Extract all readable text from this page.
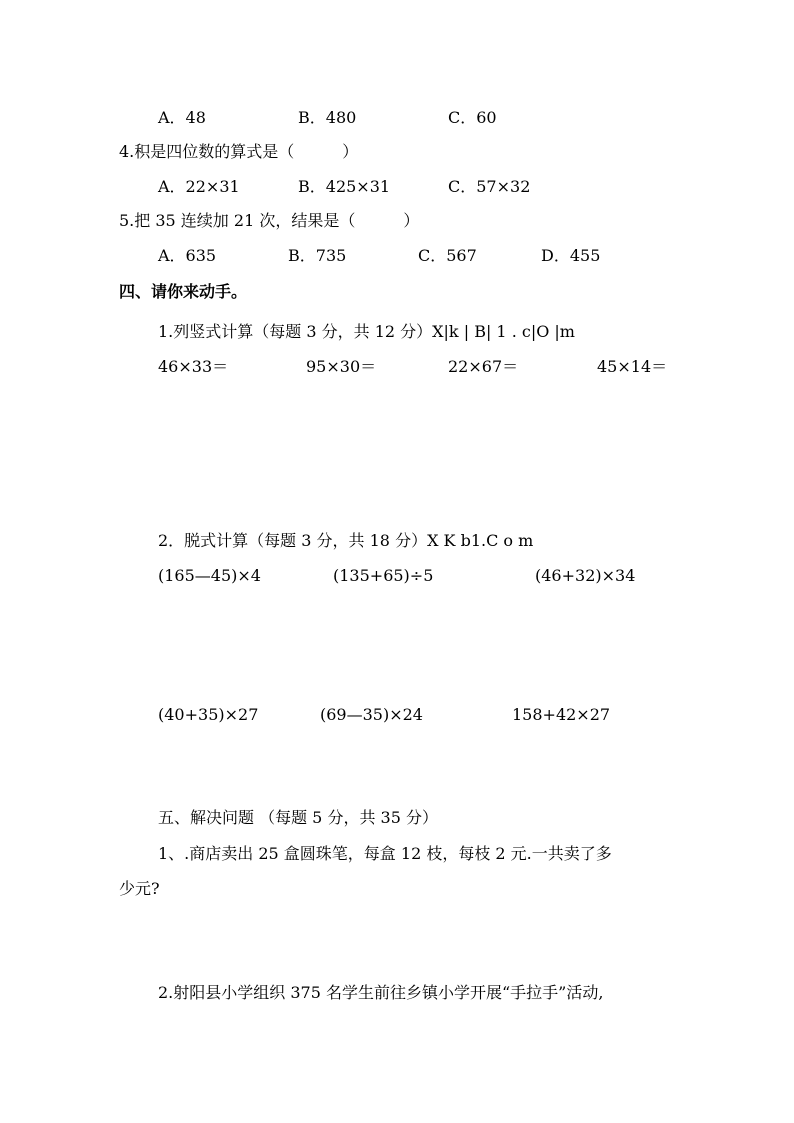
A．48	B．480	C．60
4.积是四位数的算式是（　　　）
A．22×31	B．425×31	C．57×32
5.把 35 连续加 21 次，结果是（　　　）
A．635	B．735	C．567	D．455
四、请你来动手。
1.列竖式计算（每题 3 分，共 12 分）X|k | B| 1 . c|O |m
46×33＝	95×30＝	22×67＝	45×14＝
2．脱式计算（每题 3 分，共 18 分）X K b1.C o m
(165—45)×4	(135+65)÷5	(46+32)×34
(40+35)×27	(69—35)×24	158+42×27
五、解决问题 （每题 5 分，共 35 分）
1、.商店卖出 25 盒圆珠笔，每盒 12 枝，每枝 2 元.一共卖了多
少元?
2.射阳县小学组织 375 名学生前往乡镇小学开展“手拉手”活动,
